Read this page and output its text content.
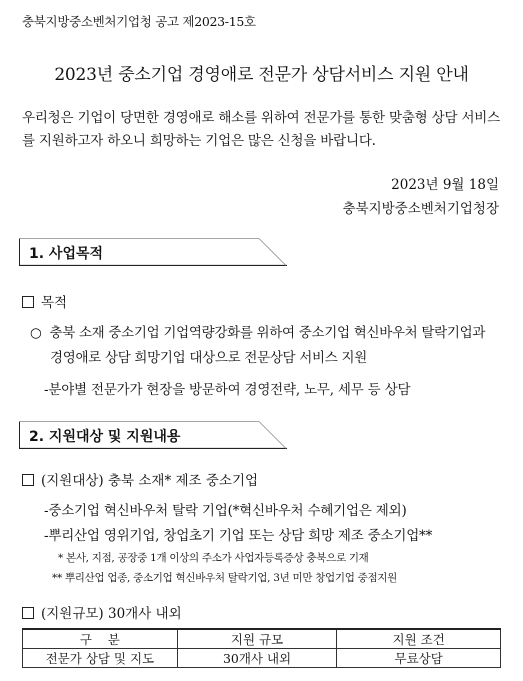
충북지방중소벤처기업청 공고 제2023-15호
2023년 중소기업 경영애로 전문가 상담서비스 지원 안내
우리청은 기업이 당면한 경영애로 해소를 위하여 전문가를 통한 맞춤형 상담 서비스를 지원하고자 하오니 희망하는 기업은 많은 신청을 바랍니다.
2023년 9월 18일
충북지방중소벤처기업청장
1. 사업목적
목적
○ 충북 소재 중소기업 기업역량강화를 위하여 중소기업 혁신바우처 탈락기업과
경영애로 상담 희망기업 대상으로 전문상담 서비스 지원
-분야별 전문가가 현장을 방문하여 경영전략, 노무, 세무 등 상담
2. 지원대상 및 지원내용
(지원대상) 충북 소재* 제조 중소기업
-중소기업 혁신바우처 탈락 기업(*혁신바우처 수혜기업은 제외)
-뿌리산업 영위기업, 창업초기 기업 또는 상담 희망 제조 중소기업**
* 본사, 지점, 공장중 1개 이상의 주소가 사업자등록증상 충북으로 기재
** 뿌리산업 업종, 중소기업 혁신바우처 탈락기업, 3년 미만 창업기업 중점지원
(지원규모) 30개사 내외
구    분	지원 규모	지원 조건
전문가 상담 및 지도	30개사 내외	무료상담
